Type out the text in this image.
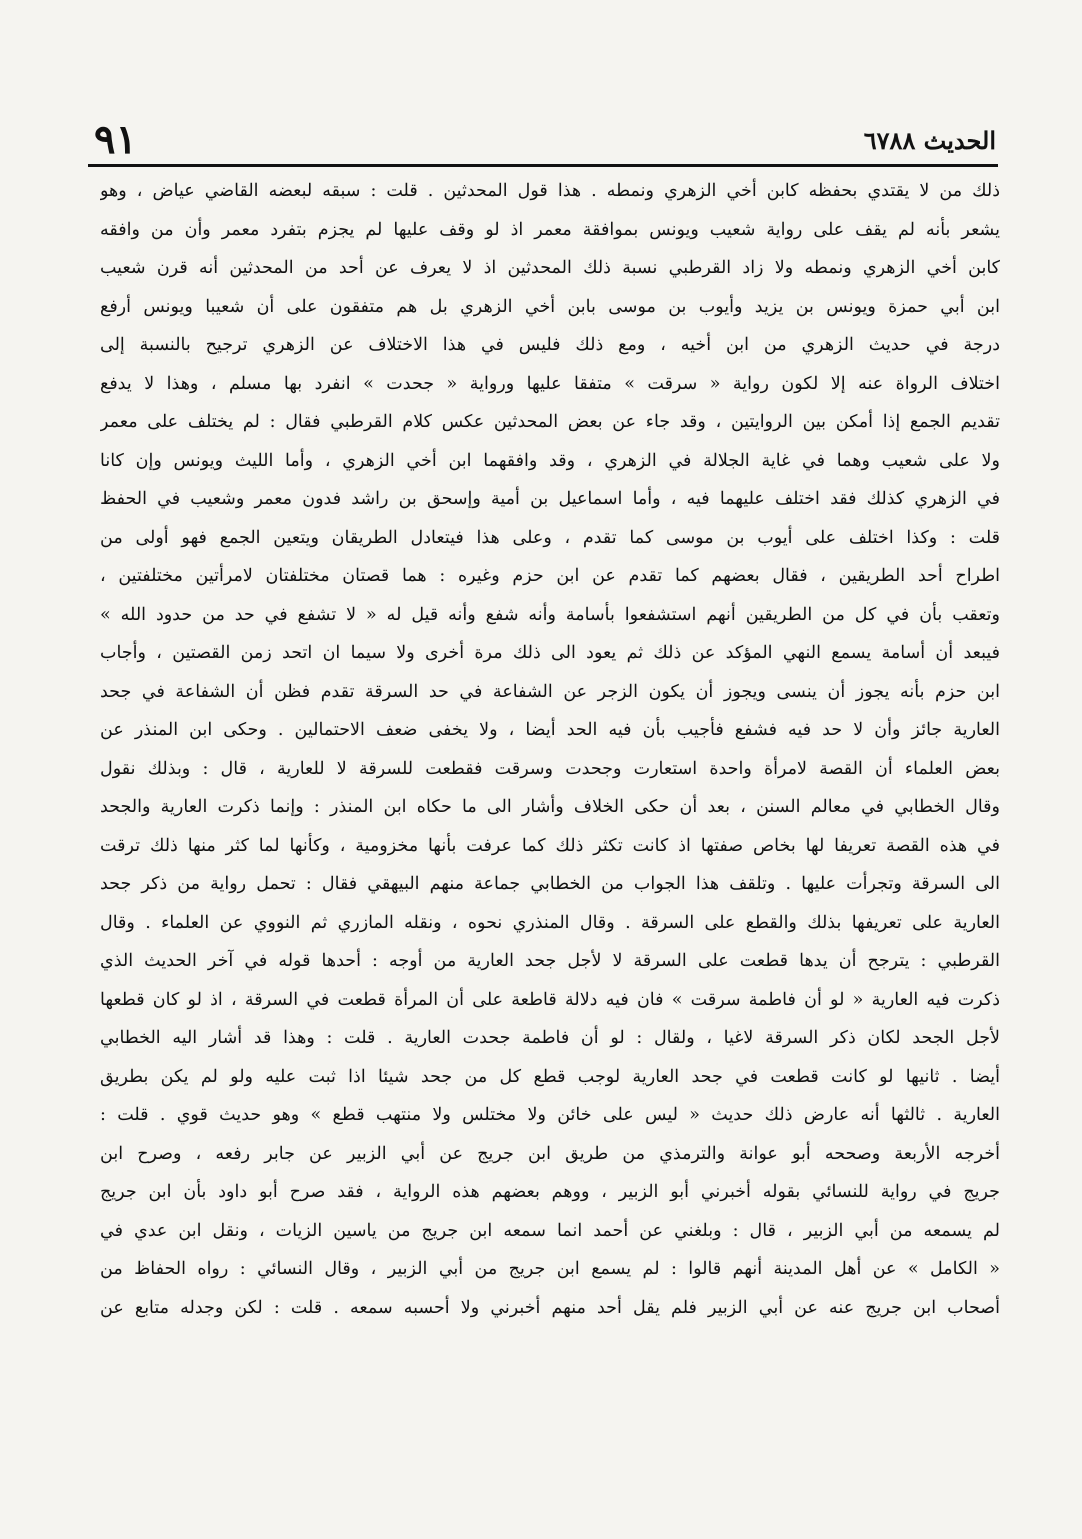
الحديث ٦٧٨٨
٩١
ذلك من لا يقتدي بحفظه كابن أخي الزهري ونمطه . هذا قول المحدثين . قلت : سبقه لبعضه القاضي عياض ، وهو
يشعر بأنه لم يقف على رواية شعيب ويونس بموافقة معمر اذ لو وقف عليها لم يجزم بتفرد معمر وأن من وافقه
كابن أخي الزهري ونمطه ولا زاد القرطبي نسبة ذلك المحدثين اذ لا يعرف عن أحد من المحدثين أنه قرن شعيب
ابن أبي حمزة ويونس بن يزيد وأيوب بن موسى بابن أخي الزهري بل هم متفقون على أن شعيبا ويونس أرفع
درجة في حديث الزهري من ابن أخيه ، ومع ذلك فليس في هذا الاختلاف عن الزهري ترجيح بالنسبة إلى
اختلاف الرواة عنه إلا لكون رواية « سرقت » متفقا عليها ورواية « جحدت » انفرد بها مسلم ، وهذا لا يدفع
تقديم الجمع إذا أمكن بين الروايتين ، وقد جاء عن بعض المحدثين عكس كلام القرطبي فقال : لم يختلف على معمر
ولا على شعيب وهما في غاية الجلالة في الزهري ، وقد وافقهما ابن أخي الزهري ، وأما الليث ويونس وإن كانا
في الزهري كذلك فقد اختلف عليهما فيه ، وأما اسماعيل بن أمية وإسحق بن راشد فدون معمر وشعيب في الحفظ
قلت : وكذا اختلف على أيوب بن موسى كما تقدم ، وعلى هذا فيتعادل الطريقان ويتعين الجمع فهو أولى من
اطراح أحد الطريقين ، فقال بعضهم كما تقدم عن ابن حزم وغيره : هما قصتان مختلفتان لامرأتين مختلفتين ،
وتعقب بأن في كل من الطريقين أنهم استشفعوا بأسامة وأنه شفع وأنه قيل له « لا تشفع في حد من حدود الله »
فيبعد أن أسامة يسمع النهي المؤكد عن ذلك ثم يعود الى ذلك مرة أخرى ولا سيما ان اتحد زمن القصتين ، وأجاب
ابن حزم بأنه يجوز أن ينسى ويجوز أن يكون الزجر عن الشفاعة في حد السرقة تقدم فظن أن الشفاعة في جحد
العارية جائز وأن لا حد فيه فشفع فأجيب بأن فيه الحد أيضا ، ولا يخفى ضعف الاحتمالين . وحكى ابن المنذر عن
بعض العلماء أن القصة لامرأة واحدة استعارت وجحدت وسرقت فقطعت للسرقة لا للعارية ، قال : وبذلك نقول
وقال الخطابي في معالم السنن ، بعد أن حكى الخلاف وأشار الى ما حكاه ابن المنذر : وإنما ذكرت العارية والجحد
في هذه القصة تعريفا لها بخاص صفتها اذ كانت تكثر ذلك كما عرفت بأنها مخزومية ، وكأنها لما كثر منها ذلك ترقت
الى السرقة وتجرأت عليها . وتلقف هذا الجواب من الخطابي جماعة منهم البيهقي فقال : تحمل رواية من ذكر جحد
العارية على تعريفها بذلك والقطع على السرقة . وقال المنذري نحوه ، ونقله المازري ثم النووي عن العلماء . وقال
القرطبي : يترجح أن يدها قطعت على السرقة لا لأجل جحد العارية من أوجه : أحدها قوله في آخر الحديث الذي
ذكرت فيه العارية « لو أن فاطمة سرقت » فان فيه دلالة قاطعة على أن المرأة قطعت في السرقة ، اذ لو كان قطعها
لأجل الجحد لكان ذكر السرقة لاغيا ، ولقال : لو أن فاطمة جحدت العارية . قلت : وهذا قد أشار اليه الخطابي
أيضا . ثانيها لو كانت قطعت في جحد العارية لوجب قطع كل من جحد شيئا اذا ثبت عليه ولو لم يكن بطريق
العارية . ثالثها أنه عارض ذلك حديث « ليس على خائن ولا مختلس ولا منتهب قطع » وهو حديث قوي . قلت :
أخرجه الأربعة وصححه أبو عوانة والترمذي من طريق ابن جريج عن أبي الزبير عن جابر رفعه ، وصرح ابن
جريج في رواية للنسائي بقوله أخبرني أبو الزبير ، ووهم بعضهم هذه الرواية ، فقد صرح أبو داود بأن ابن جريج
لم يسمعه من أبي الزبير ، قال : وبلغني عن أحمد انما سمعه ابن جريج من ياسين الزيات ، ونقل ابن عدي في
« الكامل » عن أهل المدينة أنهم قالوا : لم يسمع ابن جريج من أبي الزبير ، وقال النسائي : رواه الحفاظ من
أصحاب ابن جريج عنه عن أبي الزبير فلم يقل أحد منهم أخبرني ولا أحسبه سمعه . قلت : لكن وجدله متابع عن
